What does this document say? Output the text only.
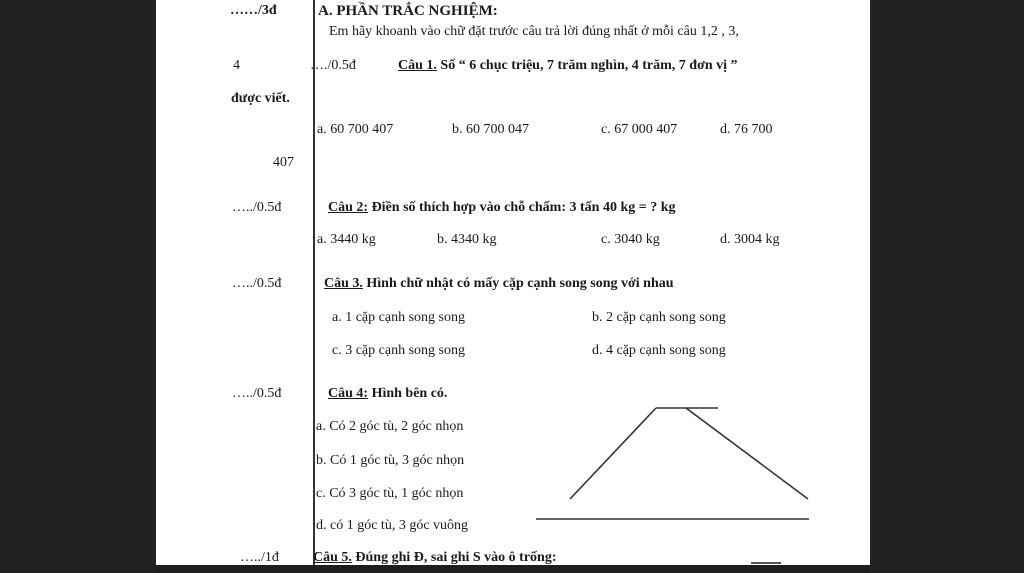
……/3đ	A. PHẦN TRẮC NGHIỆM:
Em hãy khoanh vào chữ đặt trước câu trả lời đúng nhất ở mỗi câu 1,2 , 3,
4	…./0.5đ	Câu 1. Số “ 6 chục triệu, 7 trăm nghìn, 4 trăm, 7 đơn vị ”
được viết.
a. 60 700 407	b. 60 700 047	c. 67 000 407	d. 76 700
407
…../0.5đ	Câu 2: Điền số thích hợp vào chỗ chấm: 3 tấn 40 kg = ? kg
a. 3440 kg	b. 4340 kg	c. 3040 kg	d. 3004 kg
…../0.5đ	Câu 3. Hình chữ nhật có mấy cặp cạnh song song với nhau
a. 1 cặp cạnh song song	b. 2 cặp cạnh song song
c. 3 cặp cạnh song song	d. 4 cặp cạnh song song
…../0.5đ	Câu 4: Hình bên có.
a. Có 2 góc tù, 2 góc nhọn
b. Có 1 góc tù, 3 góc nhọn
c. Có 3 góc tù, 1 góc nhọn
d. có 1 góc tù, 3 góc vuông
…../1đ Câu 5. Đúng ghi Đ, sai ghi S vào ô trống:
